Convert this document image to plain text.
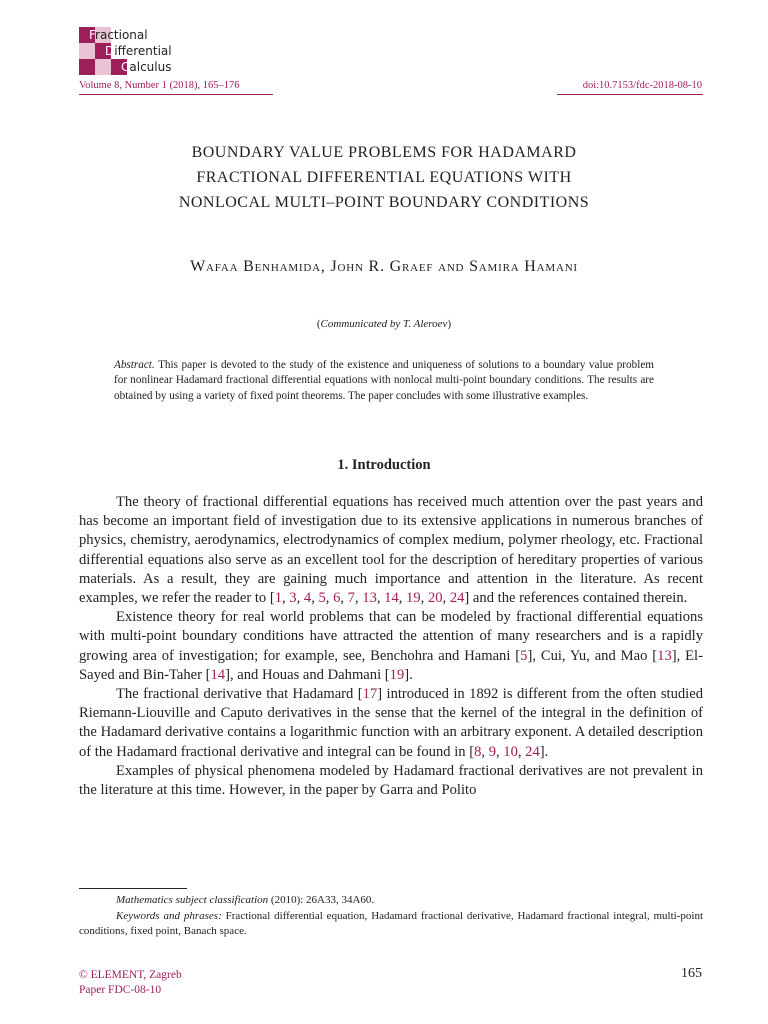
Fractional
Differential
Calculus
Volume 8, Number 1 (2018), 165–176	doi:10.7153/fdc-2018-08-10
BOUNDARY VALUE PROBLEMS FOR HADAMARD
FRACTIONAL DIFFERENTIAL EQUATIONS WITH
NONLOCAL MULTI–POINT BOUNDARY CONDITIONS
Wafaa Benhamida, John R. Graef and Samira Hamani
(Communicated by T. Aleroev)
Abstract. This paper is devoted to the study of the existence and uniqueness of solutions to a boundary value problem for nonlinear Hadamard fractional differential equations with nonlocal multi-point boundary conditions. The results are obtained by using a variety of fixed point theorems. The paper concludes with some illustrative examples.
1. Introduction

The theory of fractional differential equations has received much attention over the past years and has become an important field of investigation due to its extensive applications in numerous branches of physics, chemistry, aerodynamics, electrodynamics of complex medium, polymer rheology, etc. Fractional differential equations also serve as an excellent tool for the description of hereditary properties of various materials. As a result, they are gaining much importance and attention in the literature. As recent examples, we refer the reader to [1, 3, 4, 5, 6, 7, 13, 14, 19, 20, 24] and the references contained therein.

Existence theory for real world problems that can be modeled by fractional differential equations with multi-point boundary conditions have attracted the attention of many researchers and is a rapidly growing area of investigation; for example, see, Benchohra and Hamani [5], Cui, Yu, and Mao [13], El-Sayed and Bin-Taher [14], and Houas and Dahmani [19].

The fractional derivative that Hadamard [17] introduced in 1892 is different from the often studied Riemann-Liouville and Caputo derivatives in the sense that the kernel of the integral in the definition of the Hadamard derivative contains a logarithmic function with an arbitrary exponent. A detailed description of the Hadamard fractional derivative and integral can be found in [8, 9, 10, 24].

Examples of physical phenomena modeled by Hadamard fractional derivatives are not prevalent in the literature at this time. However, in the paper by Garra and Polito

Mathematics subject classification (2010): 26A33, 34A60.

Keywords and phrases: Fractional differential equation, Hadamard fractional derivative, Hadamard fractional integral, multi-point conditions, fixed point, Banach space.

© ELEMENT, Zagreb
Paper FDC-08-10
165
